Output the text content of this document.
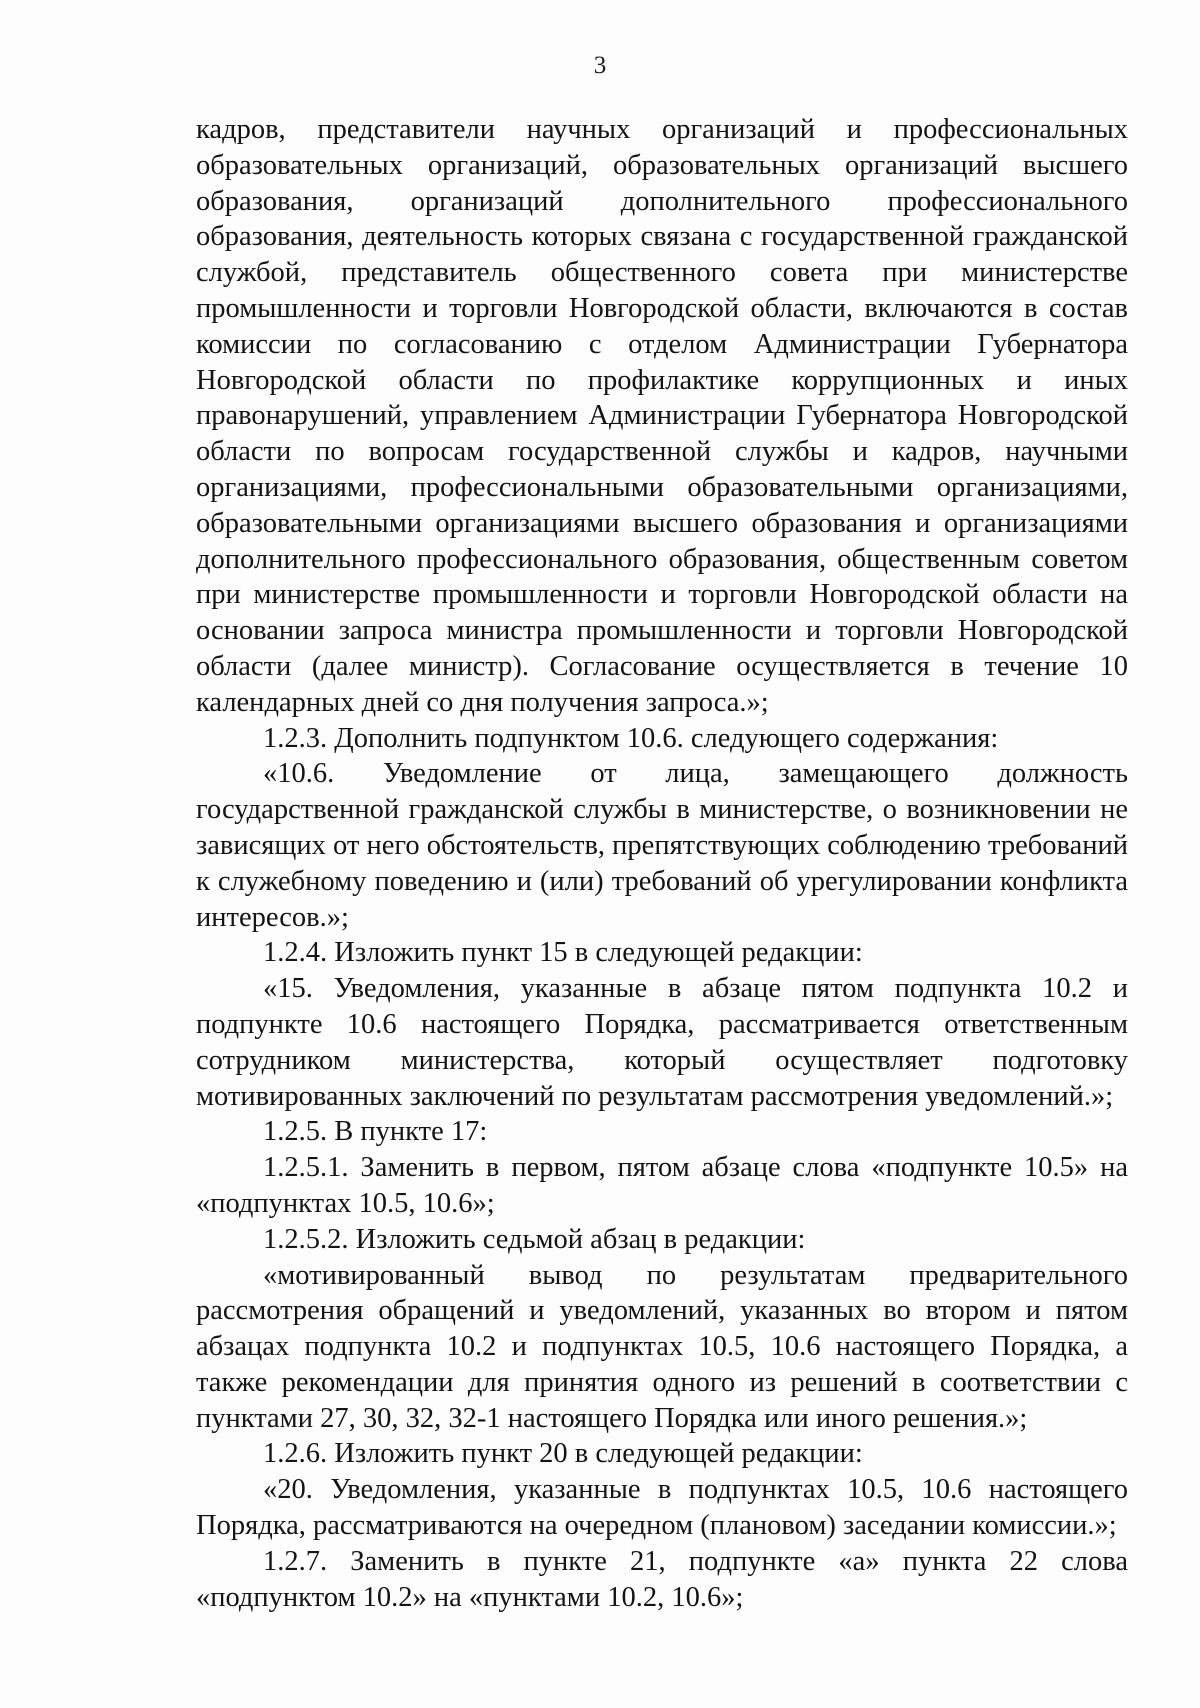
3

кадров, представители научных организаций и профессиональных образовательных организаций, образовательных организаций высшего образования, организаций дополнительного профессионального образования, деятельность которых связана с государственной гражданской службой, представитель общественного совета при министерстве промышленности и торговли Новгородской области, включаются в состав комиссии по согласованию с отделом Администрации Губернатора Новгородской области по профилактике коррупционных и иных правонарушений, управлением Администрации Губернатора Новгородской области по вопросам государственной службы и кадров, научными организациями, профессиональными образовательными организациями, образовательными организациями высшего образования и организациями дополнительного профессионального образования, общественным советом при министерстве промышленности и торговли Новгородской области на основании запроса министра промышленности и торговли Новгородской области (далее министр). Согласование осуществляется в течение 10 календарных дней со дня получения запроса.»;

1.2.3. Дополнить подпунктом 10.6. следующего содержания:

«10.6. Уведомление от лица, замещающего должность государственной гражданской службы в министерстве, о возникновении не зависящих от него обстоятельств, препятствующих соблюдению требований к служебному поведению и (или) требований об урегулировании конфликта интересов.»;

1.2.4. Изложить пункт 15 в следующей редакции:

«15. Уведомления, указанные в абзаце пятом подпункта 10.2 и подпункте 10.6 настоящего Порядка, рассматривается ответственным сотрудником министерства, который осуществляет подготовку мотивированных заключений по результатам рассмотрения уведомлений.»;

1.2.5. В пункте 17:

1.2.5.1. Заменить в первом, пятом абзаце слова «подпункте 10.5» на «подпунктах 10.5, 10.6»;

1.2.5.2. Изложить седьмой абзац в редакции:

«мотивированный вывод по результатам предварительного рассмотрения обращений и уведомлений, указанных во втором и пятом абзацах подпункта 10.2 и подпунктах 10.5, 10.6 настоящего Порядка, а также рекомендации для принятия одного из решений в соответствии с пунктами 27, 30, 32, 32-1 настоящего Порядка или иного решения.»;

1.2.6. Изложить пункт 20 в следующей редакции:

«20. Уведомления, указанные в подпунктах 10.5, 10.6 настоящего Порядка, рассматриваются на очередном (плановом) заседании комиссии.»;

1.2.7. Заменить в пункте 21, подпункте «а» пункта 22 слова «подпунктом 10.2» на «пунктами 10.2, 10.6»;
